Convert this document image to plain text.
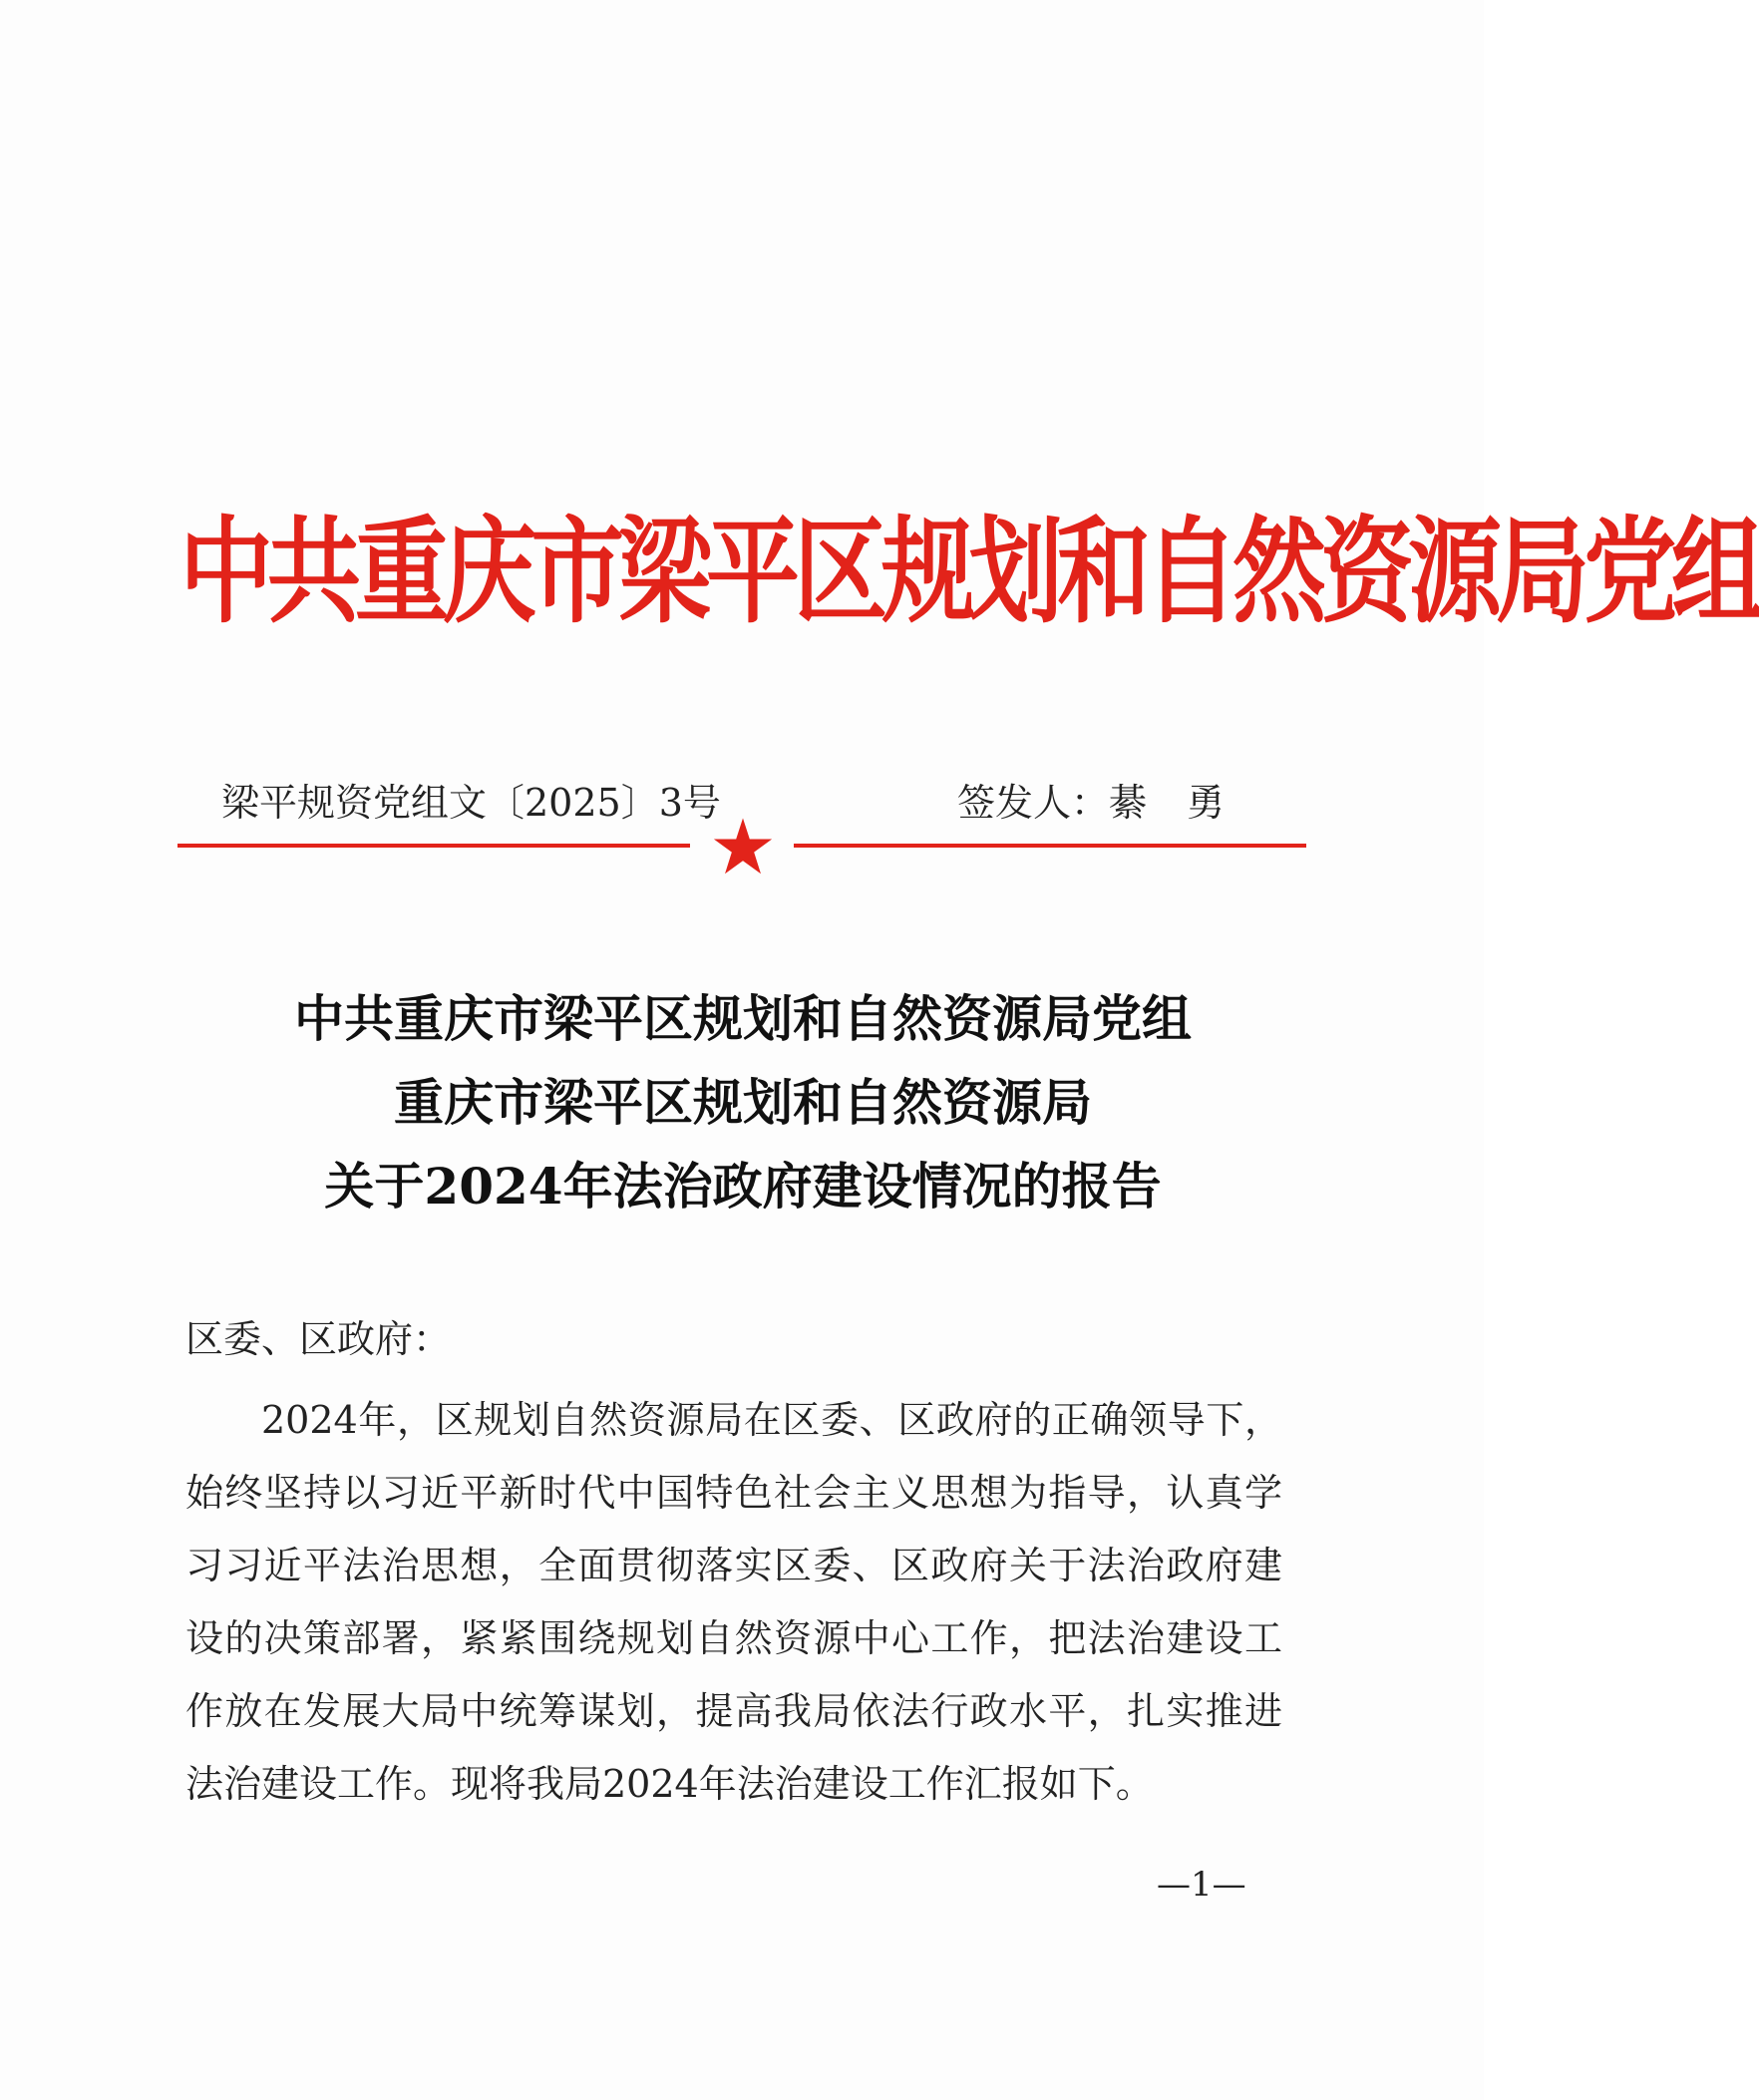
中共重庆市梁平区规划和自然资源局党组
梁平规资党组文〔2025〕3号	签发人：綦勇
中共重庆市梁平区规划和自然资源局党组
重庆市梁平区规划和自然资源局
关于2024年法治政府建设情况的报告
区委、区政府：
2024年，区规划自然资源局在区委、区政府的正确领导下，
始终坚持以习近平新时代中国特色社会主义思想为指导，认真学
习习近平法治思想，全面贯彻落实区委、区政府关于法治政府建
设的决策部署，紧紧围绕规划自然资源中心工作，把法治建设工
作放在发展大局中统筹谋划，提高我局依法行政水平，扎实推进
法治建设工作。现将我局2024年法治建设工作汇报如下。
—1—
